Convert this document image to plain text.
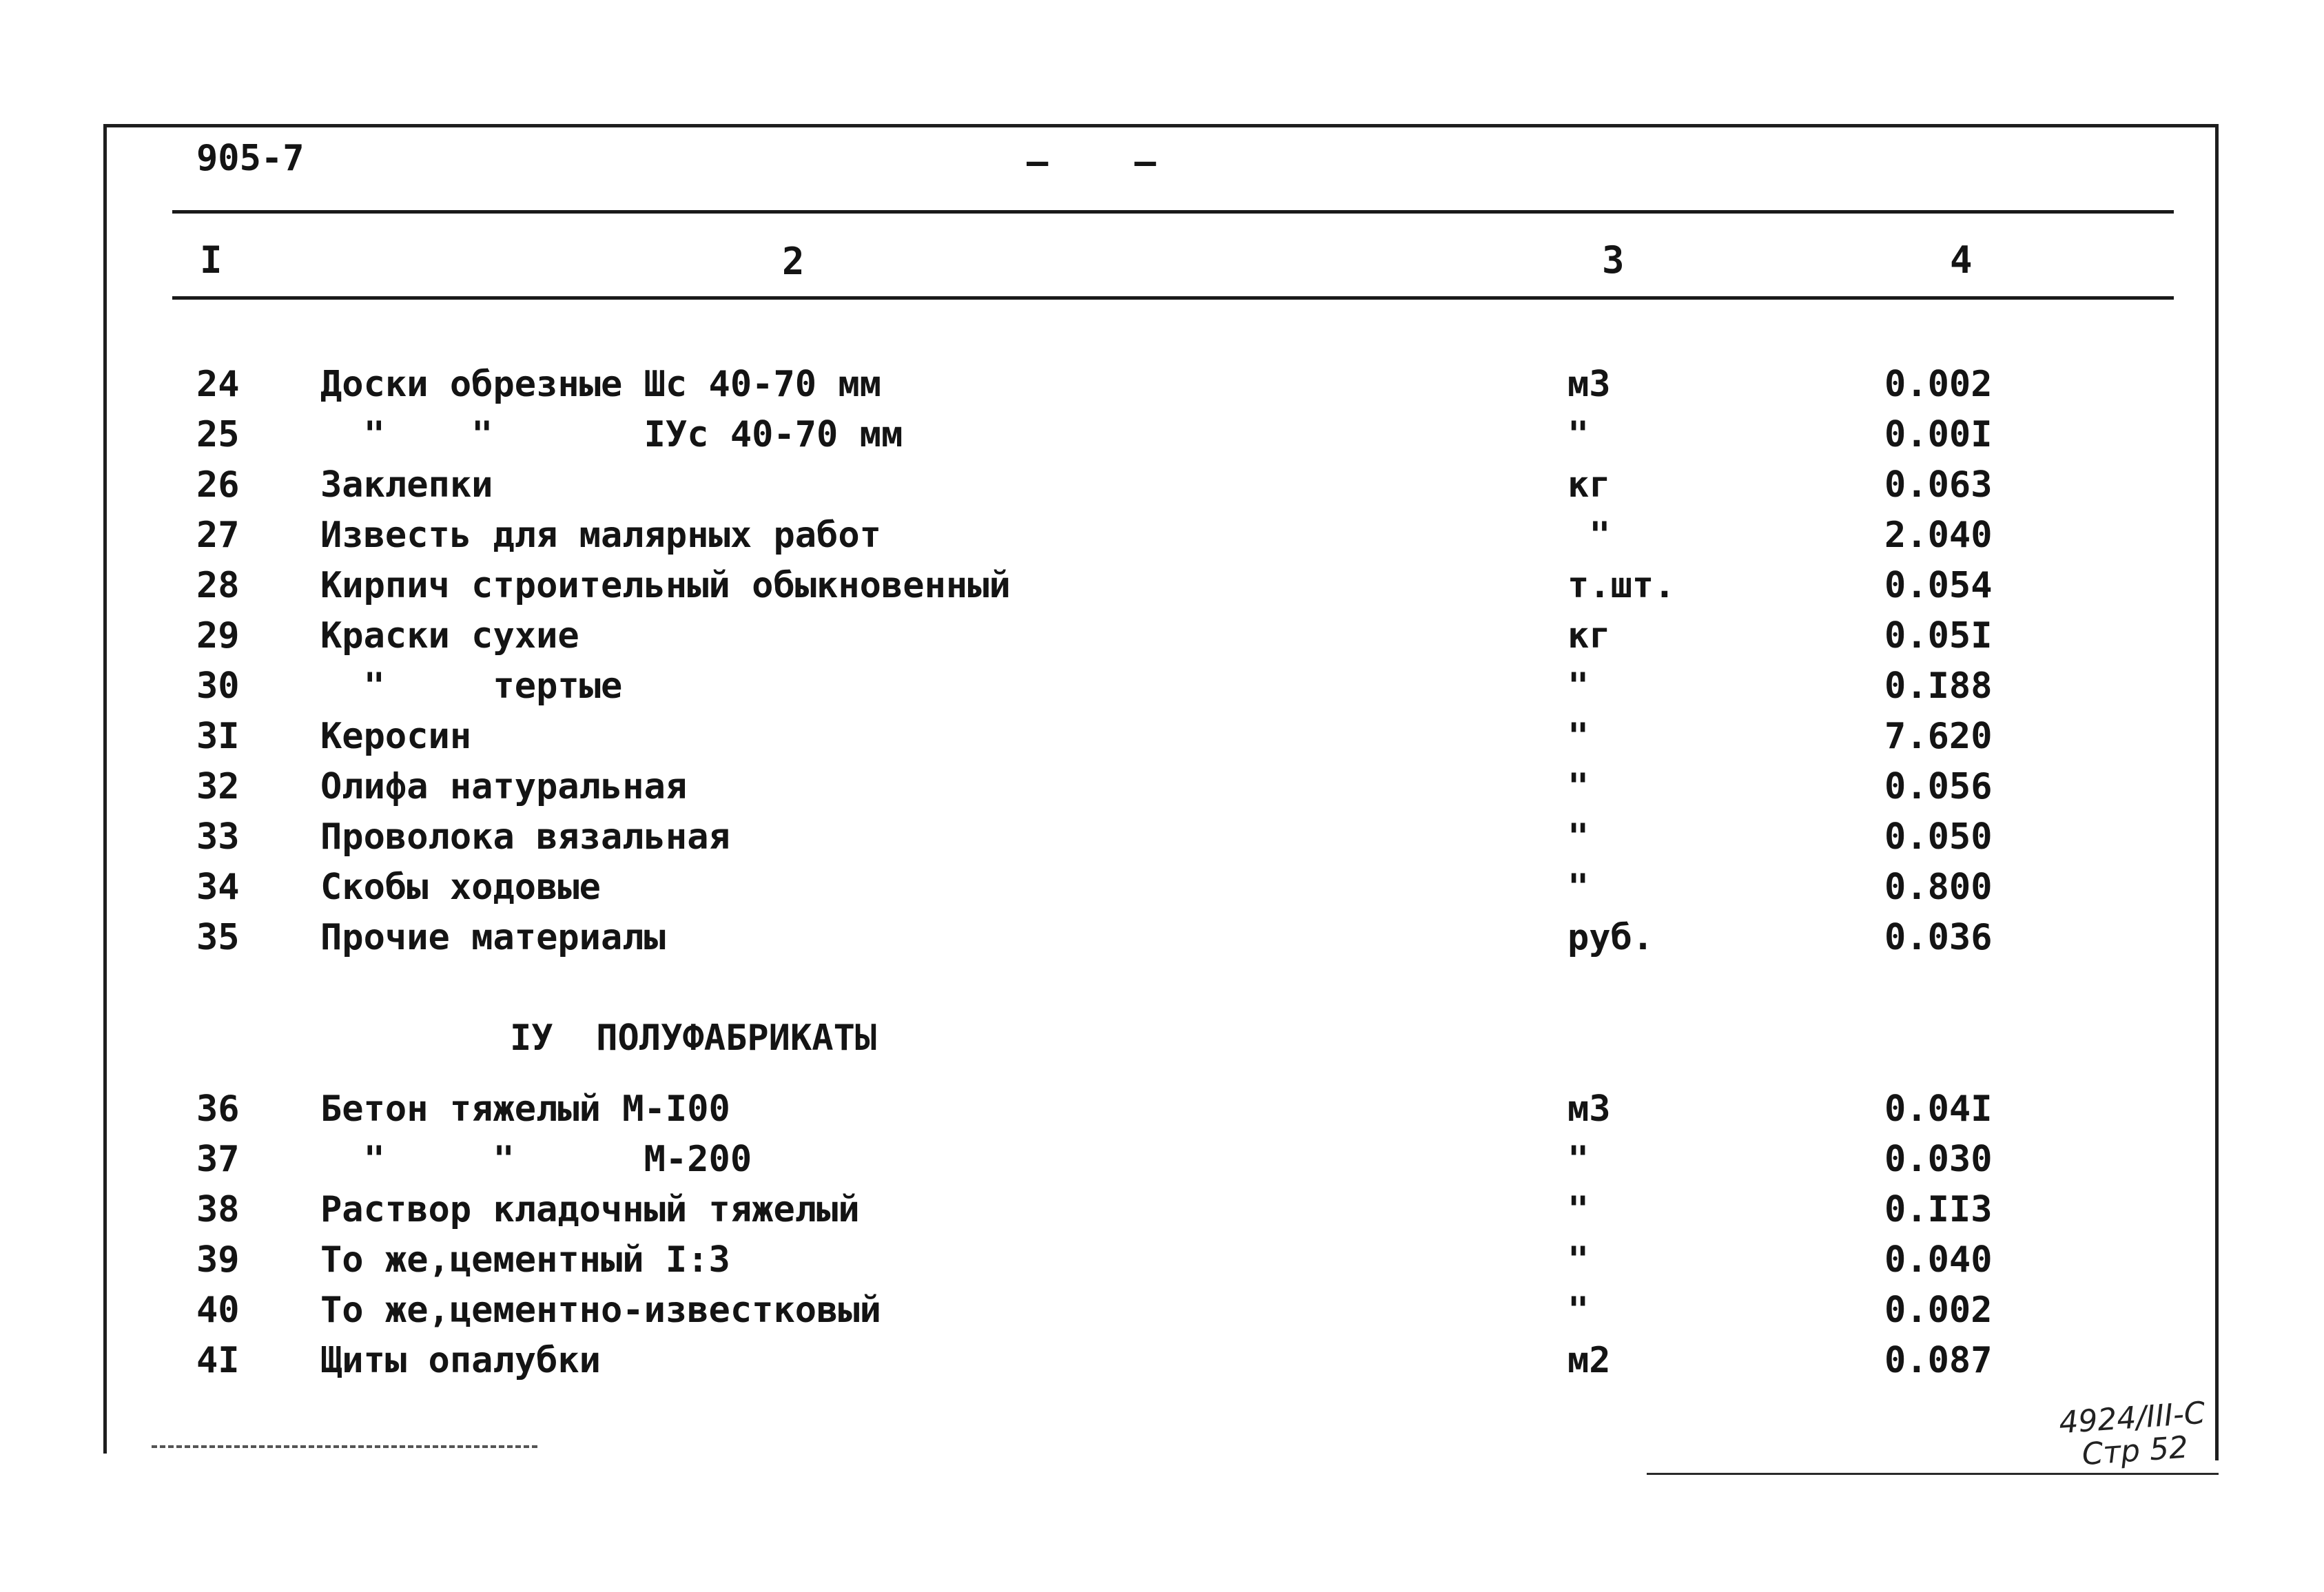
905-7	–    –
I	2	3	4
24 Доски обрезные Шс 40-70 мм	м3	0.002
25 "    "       IУс 40-70 мм	"	0.00I
26 Заклепки	кг	0.063
27 Известь для малярных работ	"	2.040
28 Кирпич строительный обыкновенный	т.шт.	0.054
29 Краски сухие	кг	0.05I
30 "     тертые	"	0.I88
3I Керосин	"	7.620
32 Олифа натуральная	"	0.056
33 Проволока вязальная	"	0.050
34 Скобы ходовые	"	0.800
35 Прочие материалы	руб.	0.036
IУ  ПОЛУФАБРИКАТЫ
36 Бетон тяжелый М-I00	м3	0.04I
37 "     "      М-200	"	0.030
38 Раствор кладочный тяжелый	"	0.II3
39 То же,цементный I:3	"	0.040
40 То же,цементно-известковый	"	0.002
4I Щиты опалубки	м2	0.087
4924/III-C
Стр 52
